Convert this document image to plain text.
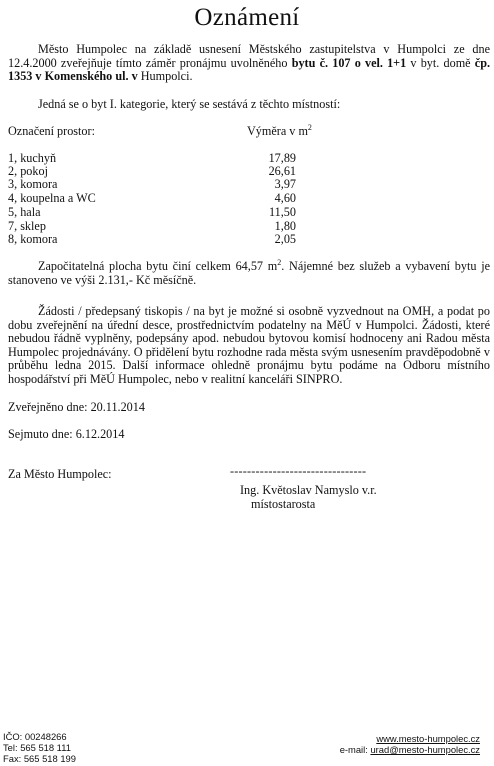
Oznámení
Město Humpolec na základě usnesení Městského zastupitelstva v Humpolci ze dne 12.4.2000 zveřejňuje tímto záměr pronájmu uvolněného bytu č. 107 o vel. 1+1 v byt. domě čp. 1353 v Komenského ul. v Humpolci.
Jedná se o byt I. kategorie, který se sestává z těchto místností:
Označení prostor:	Výměra v $m^2$
1, kuchyň	17,89
2, pokoj	26,61
3, komora	3,97
4, koupelna a WC	4,60
5, hala	11,50
7, sklep	1,80
8, komora	2,05
Započitatelná plocha bytu činí celkem 64,57 $m^2$. Nájemné bez služeb a vybavení bytu je stanoveno ve výši 2.131,- Kč měsíčně.
Žádosti / předepsaný tiskopis / na byt je možné si osobně vyzvednout na OMH, a podat po dobu zveřejnění na úřední desce, prostřednictvím podatelny na MěÚ v Humpolci. Žádosti, které nebudou řádně vyplněny, podepsány apod. nebudou bytovou komisí hodnoceny ani Radou města Humpolec projednávány. O přidělení bytu rozhodne rada města svým usnesením pravděpodobně v průběhu ledna 2015. Další informace ohledně pronájmu bytu podáme na Odboru místního hospodářství při MěÚ Humpolec, nebo v realitní kanceláři SINPRO.
Zveřejněno dne: 20.11.2014
Sejmuto dne: 6.12.2014
Za Město Humpolec:	--------------------------------
Ing. Květoslav Namyslo v.r.
místostarosta
IČO: 00248266
Tel: 565 518 111
Fax: 565 518 199
www.mesto-humpolec.cz
e-mail: urad@mesto-humpolec.cz
